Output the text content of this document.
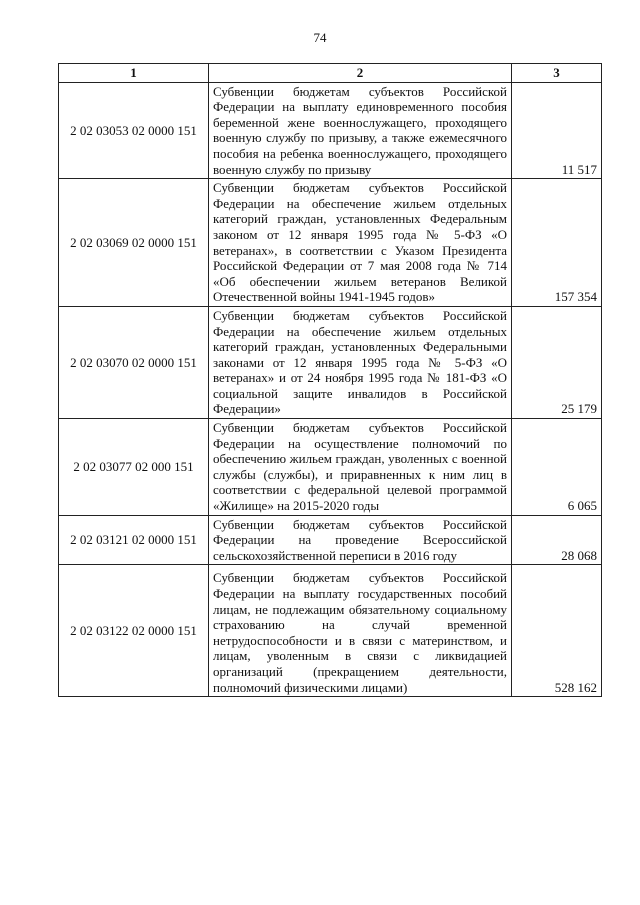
74
1	2	3
2 02 03053 02 0000 151	Субвенции бюджетам субъектов Российской Федерации на выплату единовременного пособия беременной жене военнослужащего, проходящего военную службу по призыву, а также ежемесячного пособия на ребенка военнослужащего, проходящего военную службу по призыву	11 517
2 02 03069 02 0000 151	Субвенции бюджетам субъектов Российской Федерации на обеспечение жильем отдельных категорий граждан, установленных Федеральным законом от 12 января 1995 года № 5-ФЗ «О ветеранах», в соответствии с Указом Президента Российской Федерации от 7 мая 2008 года № 714 «Об обеспечении жильем ветеранов Великой Отечественной войны 1941-1945 годов»	157 354
2 02 03070 02 0000 151	Субвенции бюджетам субъектов Российской Федерации на обеспечение жильем отдельных категорий граждан, установленных Федеральными законами от 12 января 1995 года № 5-ФЗ «О ветеранах» и от 24 ноября 1995 года № 181-ФЗ «О социальной защите инвалидов в Российской Федерации»	25 179
2 02 03077 02 000 151	Субвенции бюджетам субъектов Российской Федерации на осуществление полномочий по обеспечению жильем граждан, уволенных с военной службы (службы), и приравненных к ним лиц в соответствии с федеральной целевой программой «Жилище» на 2015-2020 годы	6 065
2 02 03121 02 0000 151	Субвенции бюджетам субъектов Российской Федерации на проведение Всероссийской сельскохозяйственной переписи в 2016 году	28 068
2 02 03122 02 0000 151	Субвенции бюджетам субъектов Российской Федерации на выплату государственных пособий лицам, не подлежащим обязательному социальному страхованию на случай временной нетрудоспособности и в связи с материнством, и лицам, уволенным в связи с ликвидацией организаций (прекращением деятельности, полномочий физическими лицами)	528 162
